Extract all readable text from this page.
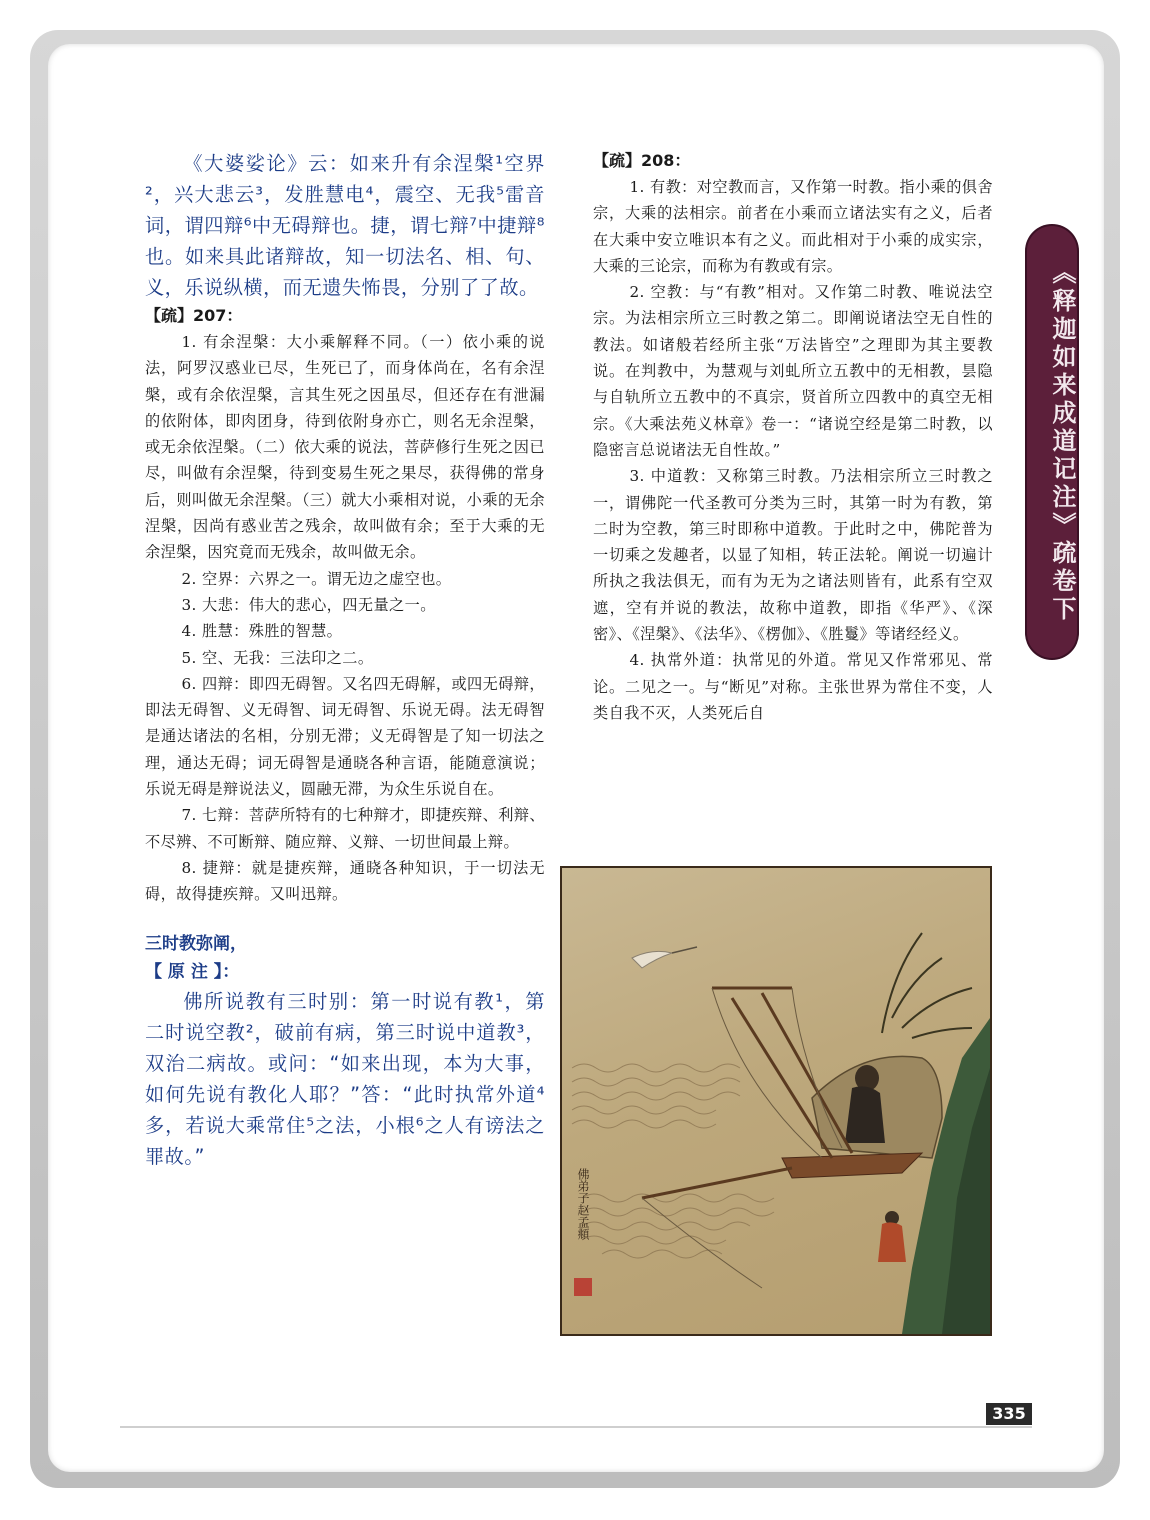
《大婆娑论》云：如来升有余涅槃¹空界²，兴大悲云³，发胜慧电⁴，震空、无我⁵雷音词，谓四辩⁶中无碍辩也。捷，谓七辩⁷中捷辩⁸也。如来具此诸辩故，知一切法名、相、句、义，乐说纵横，而无遗失怖畏，分别了了故。

【疏】207：

1. 有余涅槃：大小乘解释不同。（一）依小乘的说法，阿罗汉惑业已尽，生死已了，而身体尚在，名有余涅槃，或有余依涅槃，言其生死之因虽尽，但还存在有泄漏的依附体，即肉团身，待到依附身亦亡，则名无余涅槃，或无余依涅槃。（二）依大乘的说法，菩萨修行生死之因已尽，叫做有余涅槃，待到变易生死之果尽，获得佛的常身后，则叫做无余涅槃。（三）就大小乘相对说，小乘的无余涅槃，因尚有惑业苦之残余，故叫做有余；至于大乘的无余涅槃，因究竟而无残余，故叫做无余。

2. 空界：六界之一。谓无边之虚空也。

3. 大悲：伟大的悲心，四无量之一。

4. 胜慧：殊胜的智慧。

5. 空、无我：三法印之二。

6. 四辩：即四无碍智。又名四无碍解，或四无碍辩，即法无碍智、义无碍智、词无碍智、乐说无碍。法无碍智是通达诸法的名相，分别无滞；义无碍智是了知一切法之理，通达无碍；词无碍智是通晓各种言语，能随意演说；乐说无碍是辩说法义，圆融无滞，为众生乐说自在。

7. 七辩：菩萨所特有的七种辩才，即捷疾辩、利辩、不尽辨、不可断辩、随应辩、义辩、一切世间最上辩。

8. 捷辩：就是捷疾辩，通晓各种知识，于一切法无碍，故得捷疾辩。又叫迅辩。

三时教弥阐，

【 原 注 】：

佛所说教有三时别：第一时说有教¹，第二时说空教²，破前有病，第三时说中道教³，双治二病故。或问：“如来出现，本为大事，如何先说有教化人耶？”答：“此时执常外道⁴多，若说大乘常住⁵之法，小根⁶之人有谤法之罪故。”

【疏】208：

1. 有教：对空教而言，又作第一时教。指小乘的俱舍宗，大乘的法相宗。前者在小乘而立诸法实有之义，后者在大乘中安立唯识本有之义。而此相对于小乘的成实宗，大乘的三论宗，而称为有教或有宗。

2. 空教：与“有教”相对。又作第二时教、唯说法空宗。为法相宗所立三时教之第二。即阐说诸法空无自性的教法。如诸般若经所主张“万法皆空”之理即为其主要教说。在判教中，为慧观与刘虬所立五教中的无相教，昙隐与自轨所立五教中的不真宗，贤首所立四教中的真空无相宗。《大乘法苑义林章》卷一：“诸说空经是第二时教，以隐密言总说诸法无自性故。”

3. 中道教：又称第三时教。乃法相宗所立三时教之一，谓佛陀一代圣教可分类为三时，其第一时为有教，第二时为空教，第三时即称中道教。于此时之中，佛陀普为一切乘之发趣者，以显了知相，转正法轮。阐说一切遍计所执之我法俱无，而有为无为之诸法则皆有，此系有空双遮，空有并说的教法，故称中道教，即指《华严》、《深密》、《涅槃》、《法华》、《楞伽》、《胜鬘》等诸经经义。

4. 执常外道：执常见的外道。常见又作常邪见、常论。二见之一。与“断见”对称。主张世界为常住不变，人类自我不灭，人类死后自

佛弟子赵孟頫
《释迦如来成道记注》疏卷下
335
